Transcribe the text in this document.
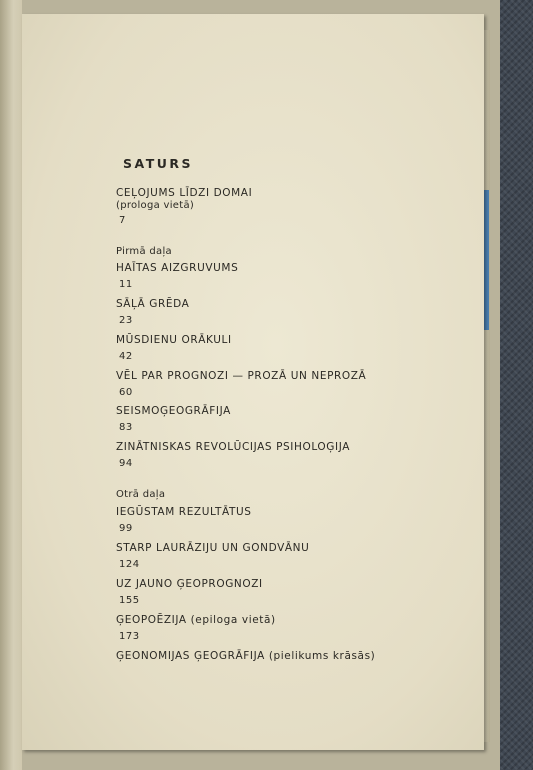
SATURS
CEĻOJUMS LĪDZI DOMAI
(prologa vietā)
7
Pirmā daļa
HAĪTAS AIZGRUVUMS
11
SĀĻĀ GRĒDA
23
MŪSDIENU ORĀKULI
42
VĒL PAR PROGNOZI — PROZĀ UN NEPROZĀ
60
SEISMOĢEOGRĀFIJA
83
ZINĀTNISKAS REVOLŪCIJAS PSIHOLOĢIJA
94
Otrā daļa
IEGŪSTAM REZULTĀTUS
99
STARP LAURĀZIJU UN GONDVĀNU
124
UZ JAUNO ĢEOPROGNOZI
155
ĢEOPOĒZIJA (epiloga vietā)
173
ĢEONOMIJAS ĢEOGRĀFIJA (pielikums krāsās)
